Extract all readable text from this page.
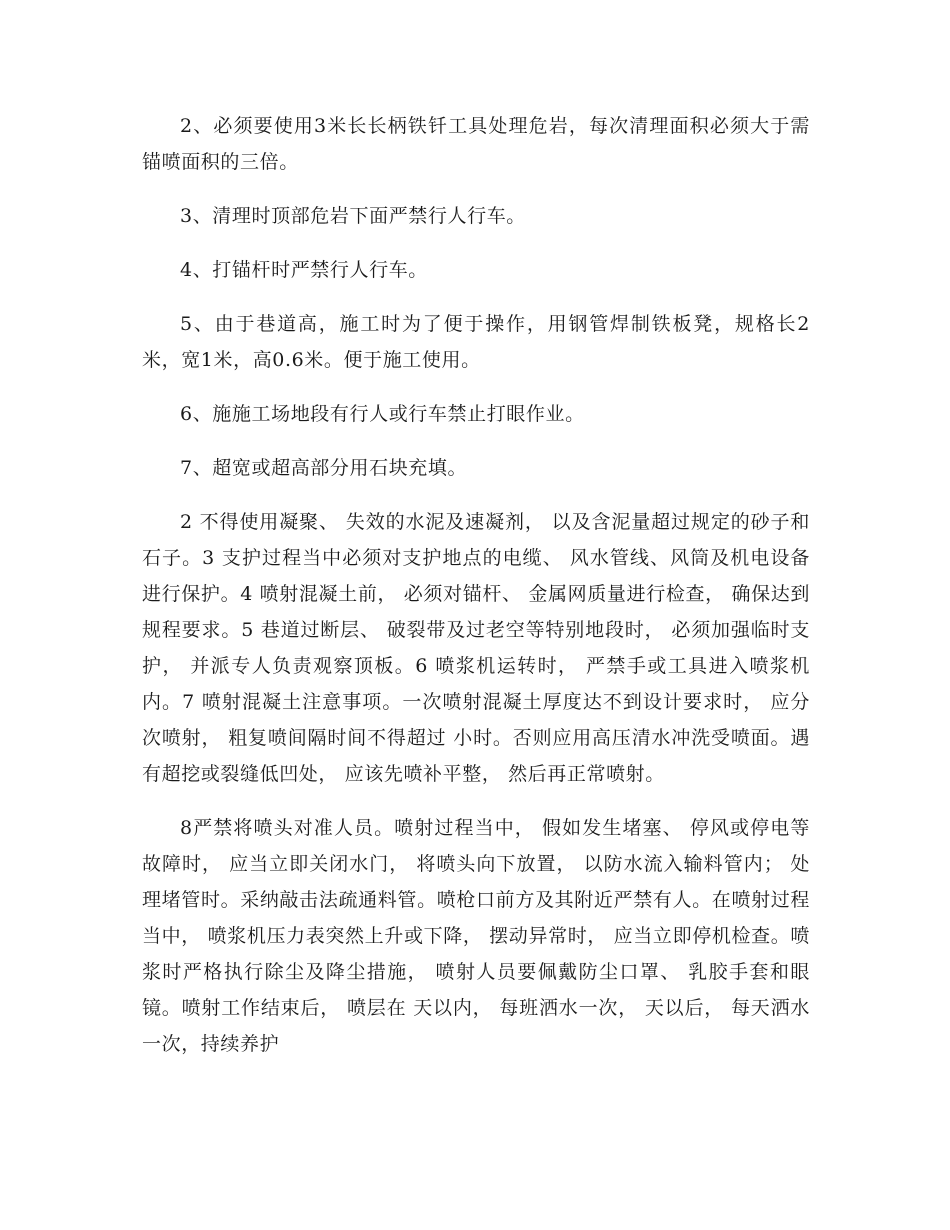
2、必须要使用3米长长柄铁钎工具处理危岩，每次清理面积必须大于需锚喷面积的三倍。

3、清理时顶部危岩下面严禁行人行车。

4、打锚杆时严禁行人行车。

5、由于巷道高，施工时为了便于操作，用钢管焊制铁板凳，规格长2米，宽1米，高0.6米。便于施工使用。

6、施施工场地段有行人或行车禁止打眼作业。

7、超宽或超高部分用石块充填。

2 不得使用凝聚、 失效的水泥及速凝剂， 以及含泥量超过规定的砂子和石子。3 支护过程当中必须对支护地点的电缆、 风水管线、风筒及机电设备进行保护。4 喷射混凝土前， 必须对锚杆、 金属网质量进行检查， 确保达到规程要求。5 巷道过断层、 破裂带及过老空等特别地段时， 必须加强临时支护， 并派专人负责观察顶板。6 喷浆机运转时， 严禁手或工具进入喷浆机内。7 喷射混凝土注意事项。一次喷射混凝土厚度达不到设计要求时， 应分次喷射， 粗复喷间隔时间不得超过 小时。否则应用高压清水冲洗受喷面。遇有超挖或裂缝低凹处， 应该先喷补平整， 然后再正常喷射。

8严禁将喷头对准人员。喷射过程当中， 假如发生堵塞、 停风或停电等故障时， 应当立即关闭水门， 将喷头向下放置， 以防水流入输料管内； 处理堵管时。采纳敲击法疏通料管。喷枪口前方及其附近严禁有人。在喷射过程当中， 喷浆机压力表突然上升或下降， 摆动异常时， 应当立即停机检查。喷浆时严格执行除尘及降尘措施， 喷射人员要佩戴防尘口罩、 乳胶手套和眼镜。喷射工作结束后， 喷层在 天以内， 每班洒水一次， 天以后， 每天洒水一次，持续养护
